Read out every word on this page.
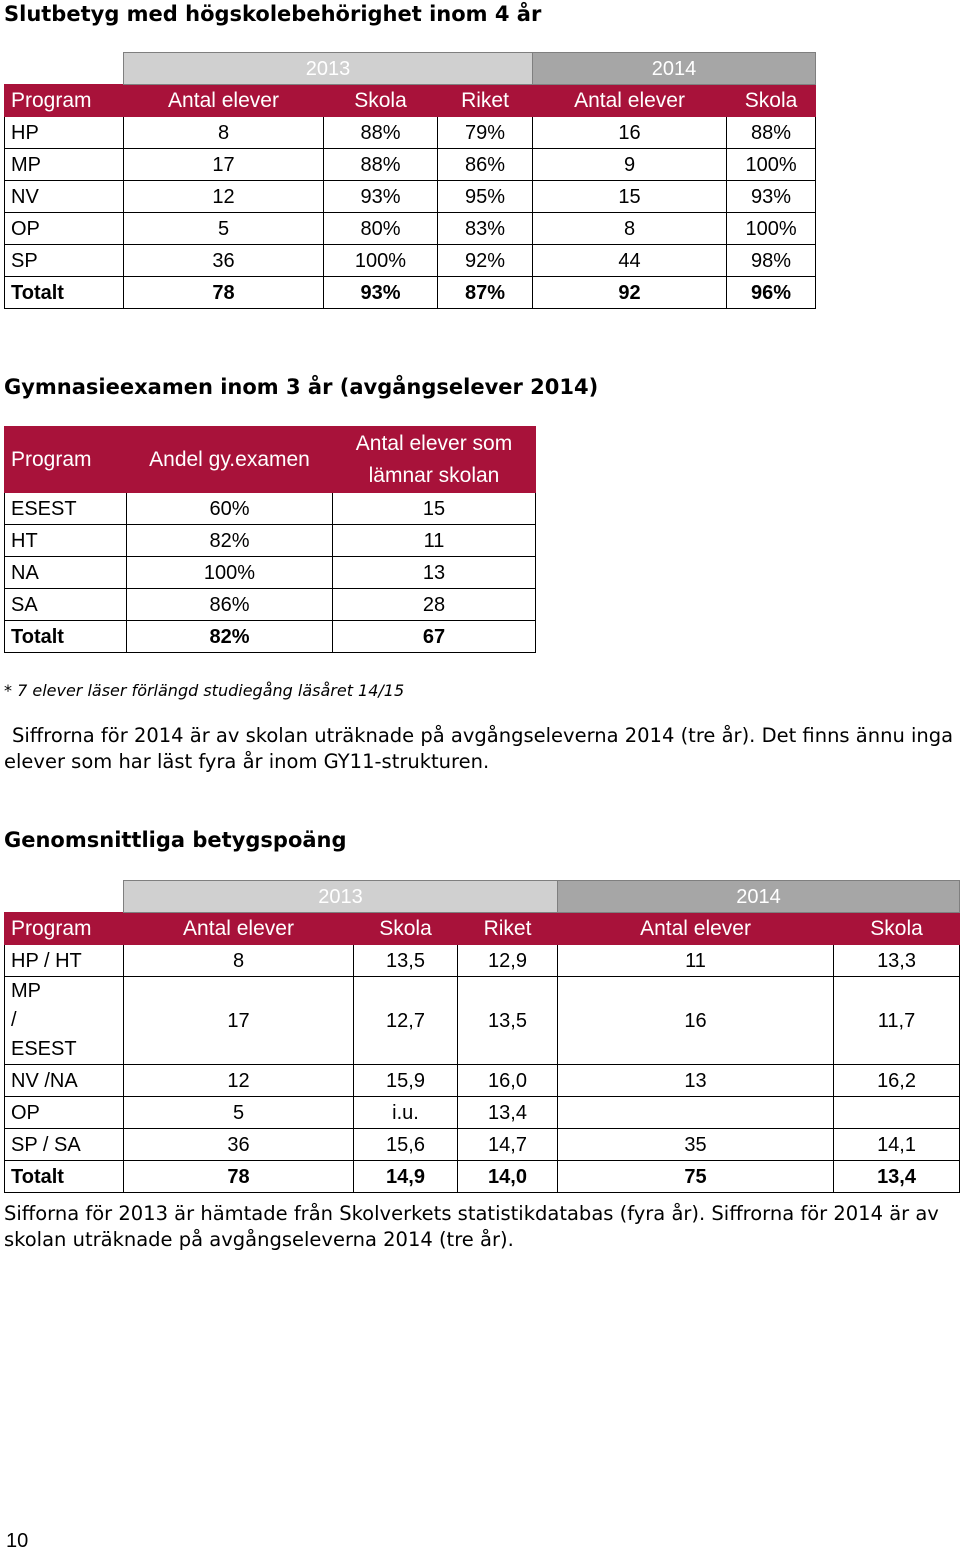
Slutbetyg med högskolebehörighet inom 4 år
	2013			2014	
Program	Antal elever	Skola	Riket	Antal elever	Skola
HP	8	88%	79%	16	88%
MP	17	88%	86%	9	100%
NV	12	93%	95%	15	93%
OP	5	80%	83%	8	100%
SP	36	100%	92%	44	98%
Totalt	78	93%	87%	92	96%
Gymnasieexamen inom 3 år (avgångselever 2014)
Program	Andel gy.examen	Antal elever som lämnar skolan
ESEST	60%	15
HT	82%	11
NA	100%	13
SA	86%	28
Totalt	82%	67
* 7 elever läser förlängd studiegång läsåret 14/15
Siffrorna för 2014 är av skolan uträknade på avgångseleverna 2014 (tre år). Det finns ännu inga elever som har läst fyra år inom GY11-strukturen.
Genomsnittliga betygspoäng
	2013			2014	
Program	Antal elever	Skola	Riket	Antal elever	Skola
HP / HT	8	13,5	12,9	11	13,3
MP / ESEST	17	12,7	13,5	16	11,7
NV /NA	12	15,9	16,0	13	16,2
OP	5	i.u.	13,4		
SP / SA	36	15,6	14,7	35	14,1
Totalt	78	14,9	14,0	75	13,4
Sifforna för 2013 är hämtade från Skolverkets statistikdatabas (fyra år). Siffrorna för 2014 är av skolan uträknade på avgångseleverna 2014 (tre år).
10
